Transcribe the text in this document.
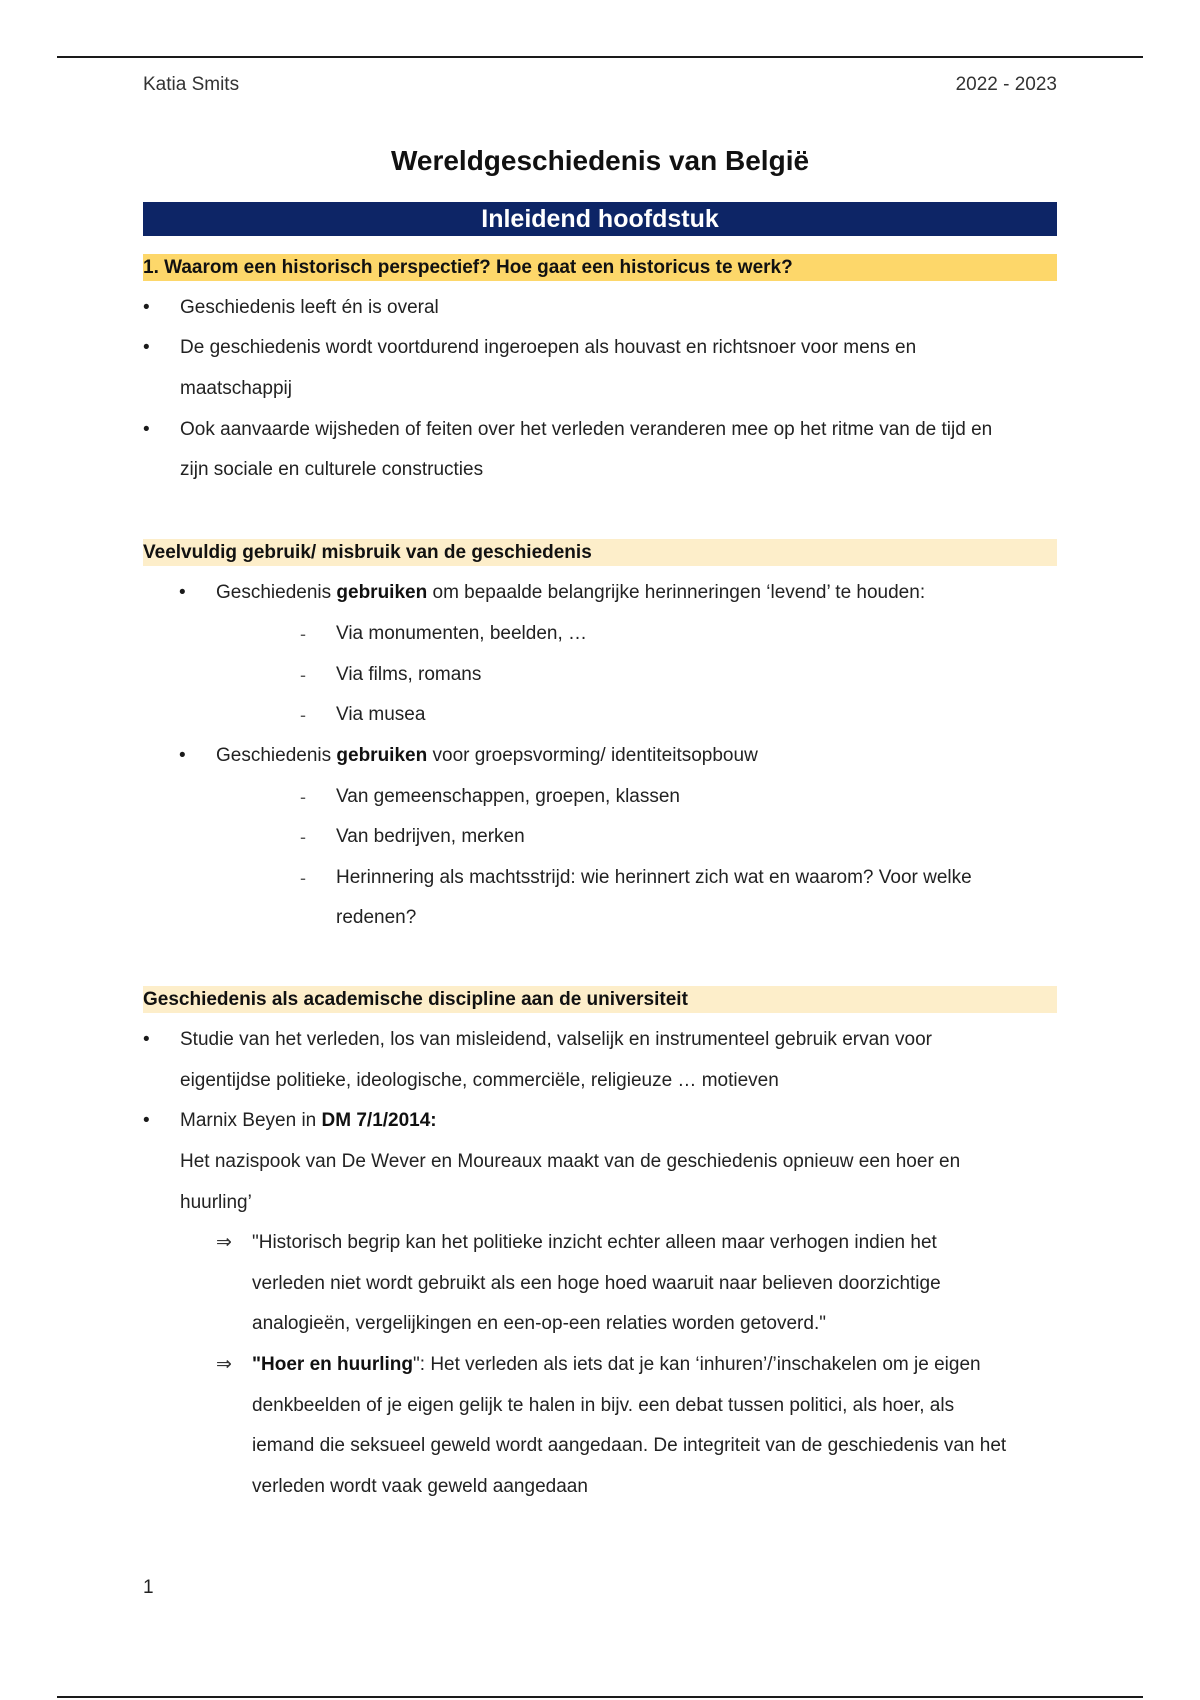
Katia Smits	2022 - 2023
Wereldgeschiedenis van België
Inleidend hoofdstuk
1. Waarom een historisch perspectief? Hoe gaat een historicus te werk?
• Geschiedenis leeft én is overal
• De geschiedenis wordt voortdurend ingeroepen als houvast en richtsnoer voor mens en
maatschappij
• Ook aanvaarde wijsheden of feiten over het verleden veranderen mee op het ritme van de tijd en
zijn sociale en culturele constructies
Veelvuldig gebruik/ misbruik van de geschiedenis
• Geschiedenis gebruiken om bepaalde belangrijke herinneringen ‘levend’ te houden:
- Via monumenten, beelden, …
- Via films, romans
- Via musea
• Geschiedenis gebruiken voor groepsvorming/ identiteitsopbouw
- Van gemeenschappen, groepen, klassen
- Van bedrijven, merken
- Herinnering als machtsstrijd: wie herinnert zich wat en waarom? Voor welke
redenen?
Geschiedenis als academische discipline aan de universiteit
• Studie van het verleden, los van misleidend, valselijk en instrumenteel gebruik ervan voor
eigentijdse politieke, ideologische, commerciële, religieuze … motieven
• Marnix Beyen in DM 7/1/2014:
Het nazispook van De Wever en Moureaux maakt van de geschiedenis opnieuw een hoer en
huurling’
⇒ "Historisch begrip kan het politieke inzicht echter alleen maar verhogen indien het
verleden niet wordt gebruikt als een hoge hoed waaruit naar believen doorzichtige
analogieën, vergelijkingen en een-op-een relaties worden getoverd."
⇒ "Hoer en huurling": Het verleden als iets dat je kan ‘inhuren’/’inschakelen om je eigen
denkbeelden of je eigen gelijk te halen in bijv. een debat tussen politici, als hoer, als
iemand die seksueel geweld wordt aangedaan. De integriteit van de geschiedenis van het
verleden wordt vaak geweld aangedaan
1
